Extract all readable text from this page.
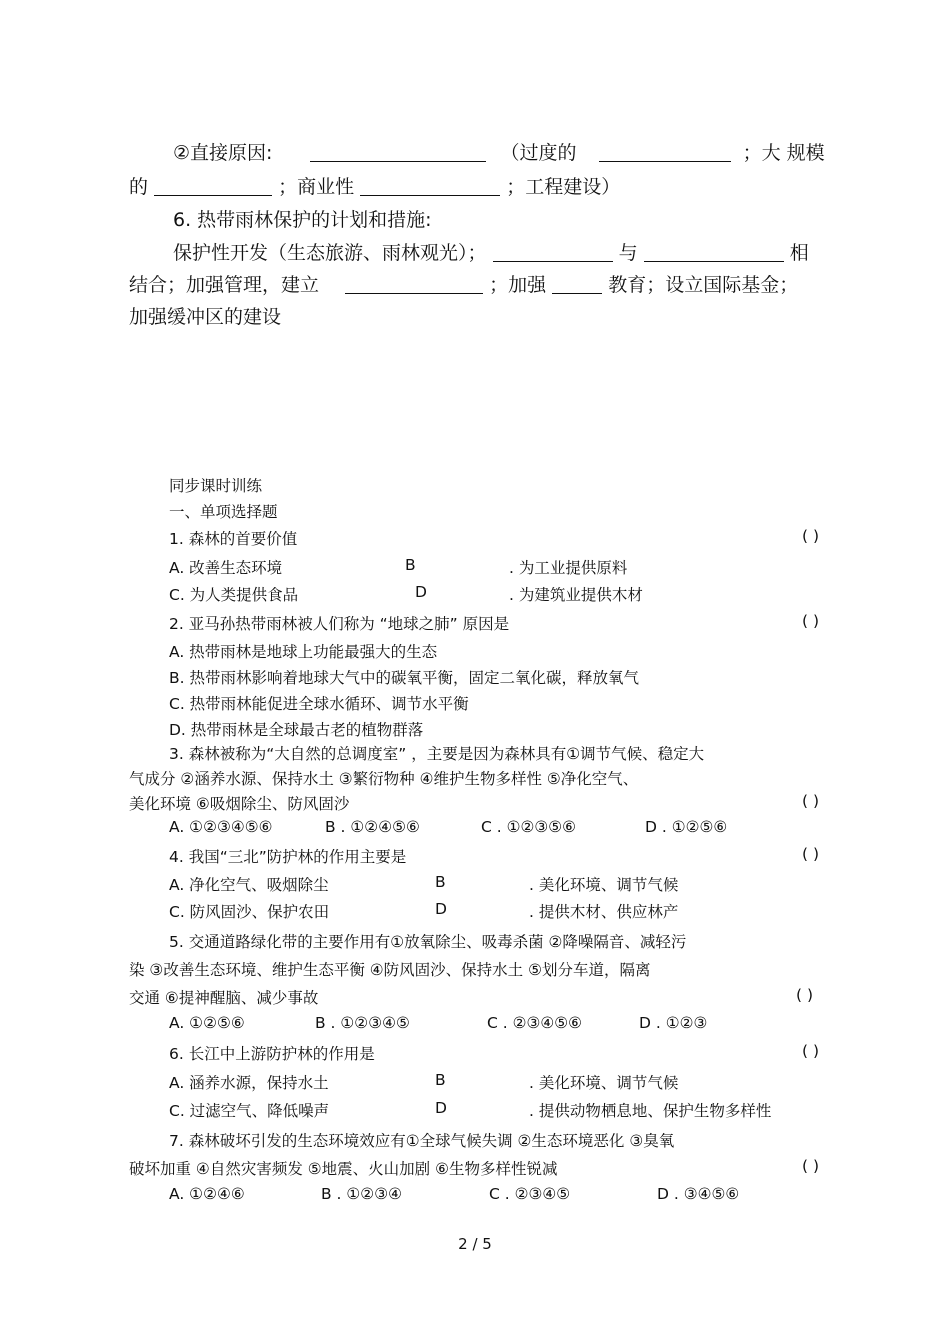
②直接原因:	（过度的	；大 规模
的	；商业性	；工程建设）
6. 热带雨林保护的计划和措施:
保护性开发（生态旅游、雨林观光）；	与	相
结合；加强管理，建立	；加强	教育；设立国际基金；
加强缓冲区的建设
同步课时训练
一、单项选择题
1. 森林的首要价值	( )
A. 改善生态环境	B	. 为工业提供原料
C. 为人类提供食品	D	. 为建筑业提供木材
2. 亚马孙热带雨林被人们称为 “地球之肺” 原因是	( )
A. 热带雨林是地球上功能最强大的生态
B. 热带雨林影响着地球大气中的碳氧平衡，固定二氧化碳，释放氧气
C. 热带雨林能促进全球水循环、调节水平衡
D. 热带雨林是全球最古老的植物群落
3. 森林被称为“大自然的总调度室” ，主要是因为森林具有①调节气候、稳定大
气成分 ②涵养水源、保持水土 ③繁衍物种 ④维护生物多样性 ⑤净化空气、
美化环境 ⑥吸烟除尘、防风固沙	( )
A. ①②③④⑤⑥	B . ①②④⑤⑥	C . ①②③⑤⑥	D . ①②⑤⑥
4. 我国“三北”防护林的作用主要是	( )
A. 净化空气、吸烟除尘	B	. 美化环境、调节气候
C. 防风固沙、保护农田	D	. 提供木材、供应林产
5. 交通道路绿化带的主要作用有①放氧除尘、吸毒杀菌 ②降噪隔音、减轻污
染 ③改善生态环境、维护生态平衡 ④防风固沙、保持水土 ⑤划分车道，隔离
交通 ⑥提神醒脑、减少事故	( )
A. ①②⑤⑥	B . ①②③④⑤	C . ②③④⑤⑥	D . ①②③
6. 长江中上游防护林的作用是	( )
A. 涵养水源，保持水土	B	. 美化环境、调节气候
C. 过滤空气、降低噪声	D	. 提供动物栖息地、保护生物多样性
7. 森林破坏引发的生态环境效应有①全球气候失调 ②生态环境恶化 ③臭氧
破坏加重 ④自然灾害频发 ⑤地震、火山加剧 ⑥生物多样性锐减	( )
A. ①②④⑥	B . ①②③④	C . ②③④⑤	D . ③④⑤⑥
2 / 5
